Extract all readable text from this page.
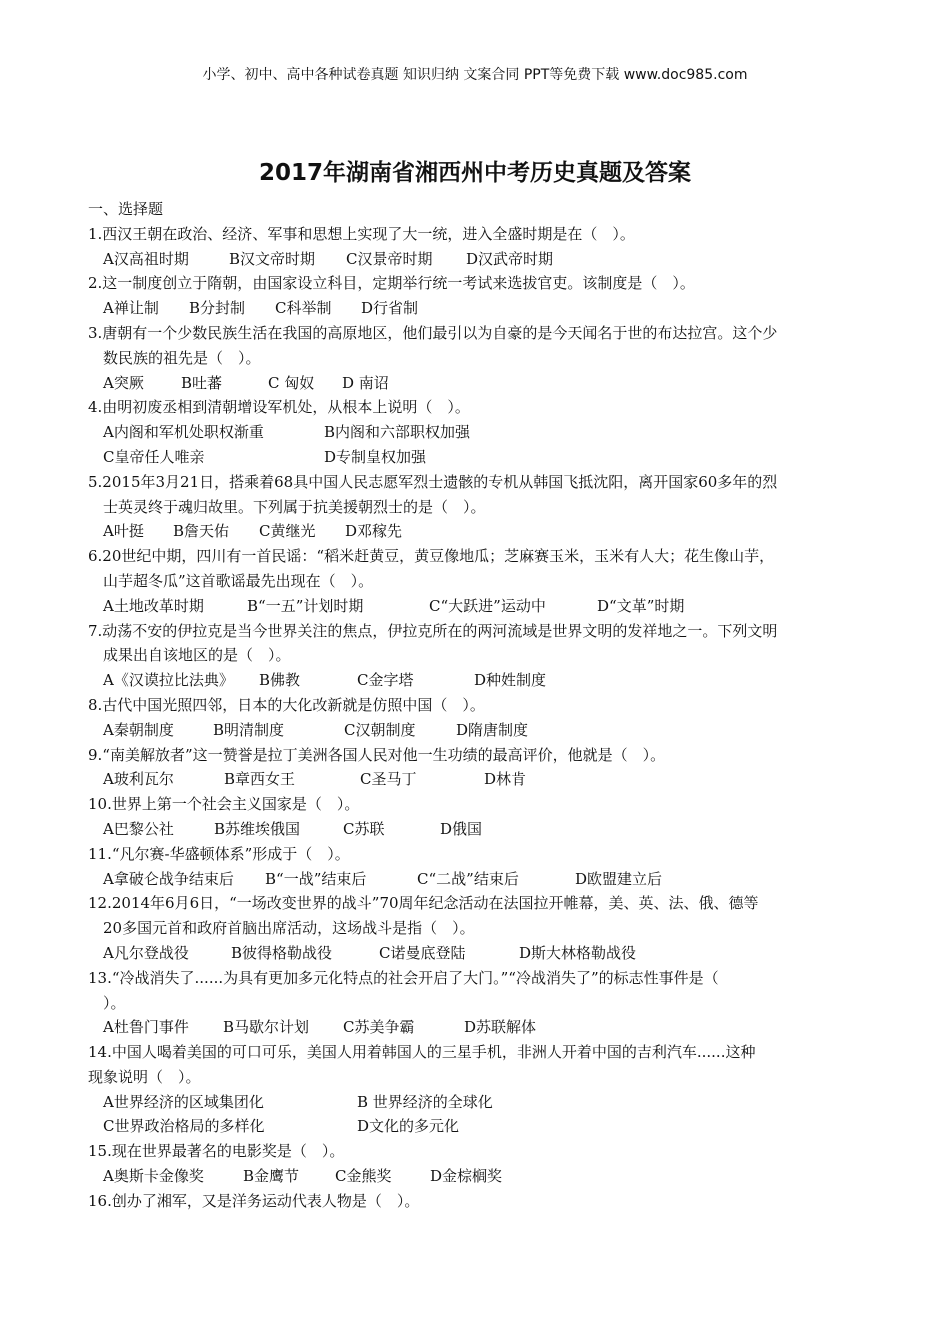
小学、初中、高中各种试卷真题 知识归纳 文案合同 PPT等免费下载 www.doc985.com
2017年湖南省湘西州中考历史真题及答案
一、选择题
1.西汉王朝在政治、经济、军事和思想上实现了大一统，进入全盛时期是在（　）。
A汉高祖时期	B汉文帝时期 C汉景帝时期 D汉武帝时期
2.这一制度创立于隋朝，由国家设立科目，定期举行统一考试来选拔官吏。该制度是（　）。
A禅让制 B分封制 C科举制 D行省制
3.唐朝有一个少数民族生活在我国的高原地区，他们最引以为自豪的是今天闻名于世的布达拉宫。这个少
数民族的祖先是（　）。
A突厥 B吐蕃	C 匈奴 D 南诏
4.由明初废丞相到清朝增设军机处，从根本上说明（　）。
A内阁和军机处职权渐重	B内阁和六部职权加强
C皇帝任人唯亲	D专制皇权加强
5.2015年3月21日，搭乘着68具中国人民志愿军烈士遗骸的专机从韩国飞抵沈阳，离开国家60多年的烈
士英灵终于魂归故里。下列属于抗美援朝烈士的是（　）。
A叶挺 B詹天佑 C黄继光 D邓稼先
6.20世纪中期，四川有一首民谣：“稻米赶黄豆，黄豆像地瓜；芝麻赛玉米，玉米有人大；花生像山芋，
山芋超冬瓜”这首歌谣最先出现在（　）。
A土地改革时期	B“一五”计划时期	C“大跃进”运动中	D“文革”时期
7.动荡不安的伊拉克是当今世界关注的焦点，伊拉克所在的两河流域是世界文明的发祥地之一。下列文明
成果出自该地区的是（　）。
A《汉谟拉比法典》 B佛教	C金字塔	D种姓制度
8.古代中国光照四邻，日本的大化改新就是仿照中国（　）。
A秦朝制度	B明清制度	C汉朝制度	D隋唐制度
9.“南美解放者”这一赞誉是拉丁美洲各国人民对他一生功绩的最高评价，他就是（　）。
A玻利瓦尔	B章西女王	C圣马丁	D林肯
10.世界上第一个社会主义国家是（　）。
A巴黎公社	B苏维埃俄国	C苏联	D俄国
11.“凡尔赛-华盛顿体系”形成于（　）。
A拿破仑战争结束后 B“一战”结束后	C“二战”结束后	D欧盟建立后
12.2014年6月6日，“一场改变世界的战斗”70周年纪念活动在法国拉开帷幕，美、英、法、俄、德等
20多国元首和政府首脑出席活动，这场战斗是指（　）。
A凡尔登战役	B彼得格勒战役	C诺曼底登陆	D斯大林格勒战役
13.“冷战消失了......为具有更加多元化特点的社会开启了大门。”“冷战消失了”的标志性事件是（
）。
A杜鲁门事件 B马歇尔计划 C苏美争霸	D苏联解体
14.中国人喝着美国的可口可乐，美国人用着韩国人的三星手机，非洲人开着中国的吉利汽车......这种
现象说明（　）。
A世界经济的区域集团化	B 世界经济的全球化
C世界政治格局的多样化	D文化的多元化
15.现在世界最著名的电影奖是（　）。
A奥斯卡金像奖	B金鹰节 C金熊奖	D金棕榈奖
16.创办了湘军，又是洋务运动代表人物是（　）。
